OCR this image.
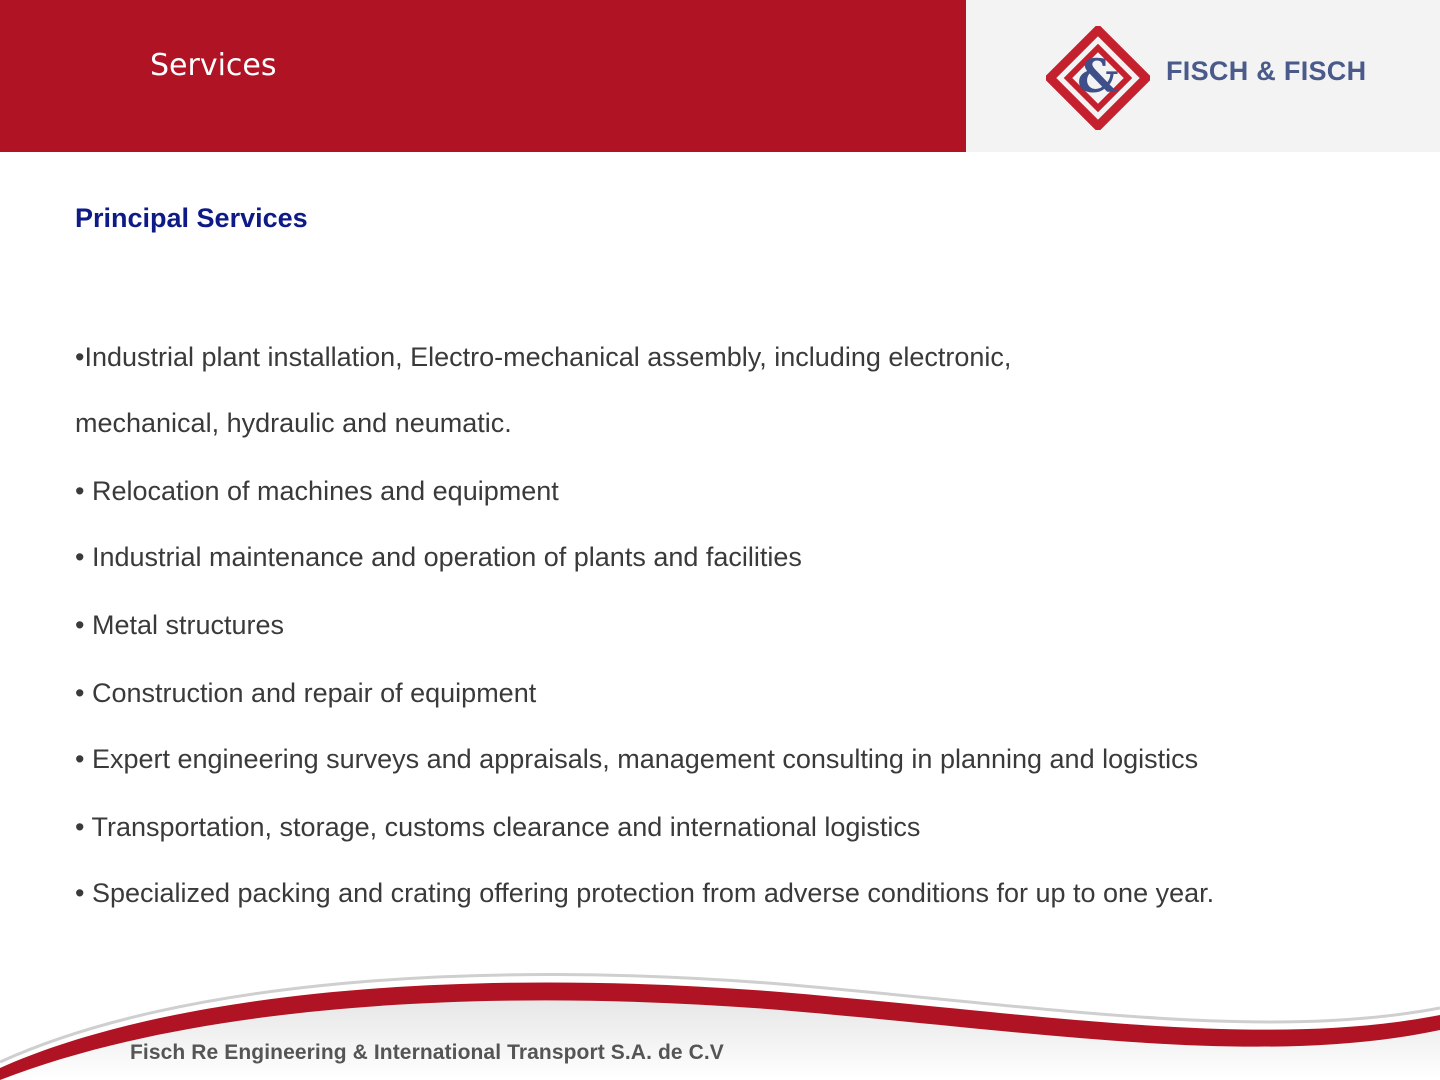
Services	& FISCH & FISCH
Principal Services
•Industrial plant installation, Electro-mechanical assembly, including electronic,
mechanical, hydraulic and neumatic.
• Relocation of machines and equipment
• Industrial maintenance and operation of plants and facilities
• Metal structures
• Construction and repair of equipment
• Expert engineering surveys and appraisals, management consulting in planning and logistics
• Transportation, storage, customs clearance and international logistics
• Specialized packing and crating offering protection from adverse conditions for up to one year.
Fisch Re Engineering & International Transport S.A. de C.V
